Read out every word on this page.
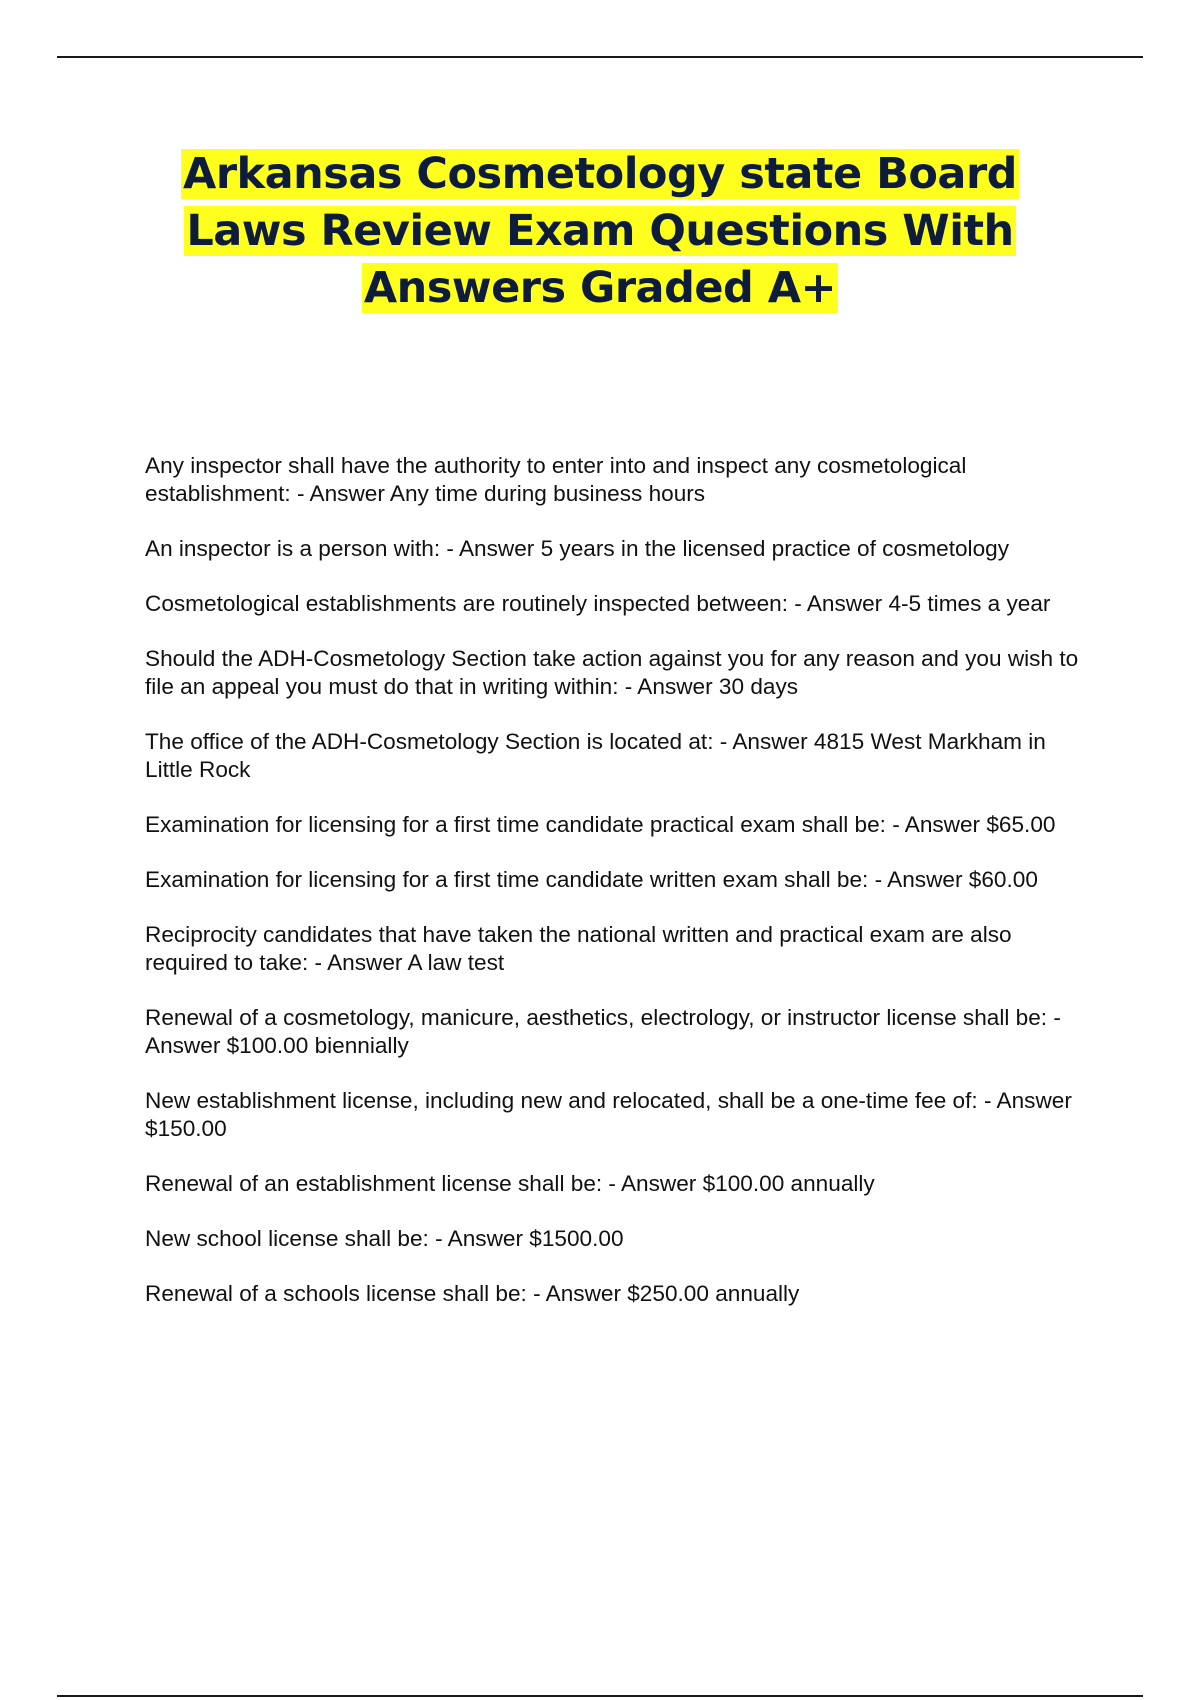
Arkansas Cosmetology state Board
Laws Review Exam Questions With
Answers Graded A+
Any inspector shall have the authority to enter into and inspect any cosmetological establishment: - Answer Any time during business hours
An inspector is a person with: - Answer 5 years in the licensed practice of cosmetology
Cosmetological establishments are routinely inspected between: - Answer 4-5 times a year
Should the ADH-Cosmetology Section take action against you for any reason and you wish to file an appeal you must do that in writing within: - Answer 30 days
The office of the ADH-Cosmetology Section is located at: - Answer 4815 West Markham in Little Rock
Examination for licensing for a first time candidate practical exam shall be: - Answer $65.00
Examination for licensing for a first time candidate written exam shall be: - Answer $60.00
Reciprocity candidates that have taken the national written and practical exam are also required to take: - Answer A law test
Renewal of a cosmetology, manicure, aesthetics, electrology, or instructor license shall be: - Answer $100.00 biennially
New establishment license, including new and relocated, shall be a one-time fee of: - Answer $150.00
Renewal of an establishment license shall be: - Answer $100.00 annually
New school license shall be: - Answer $1500.00
Renewal of a schools license shall be: - Answer $250.00 annually
